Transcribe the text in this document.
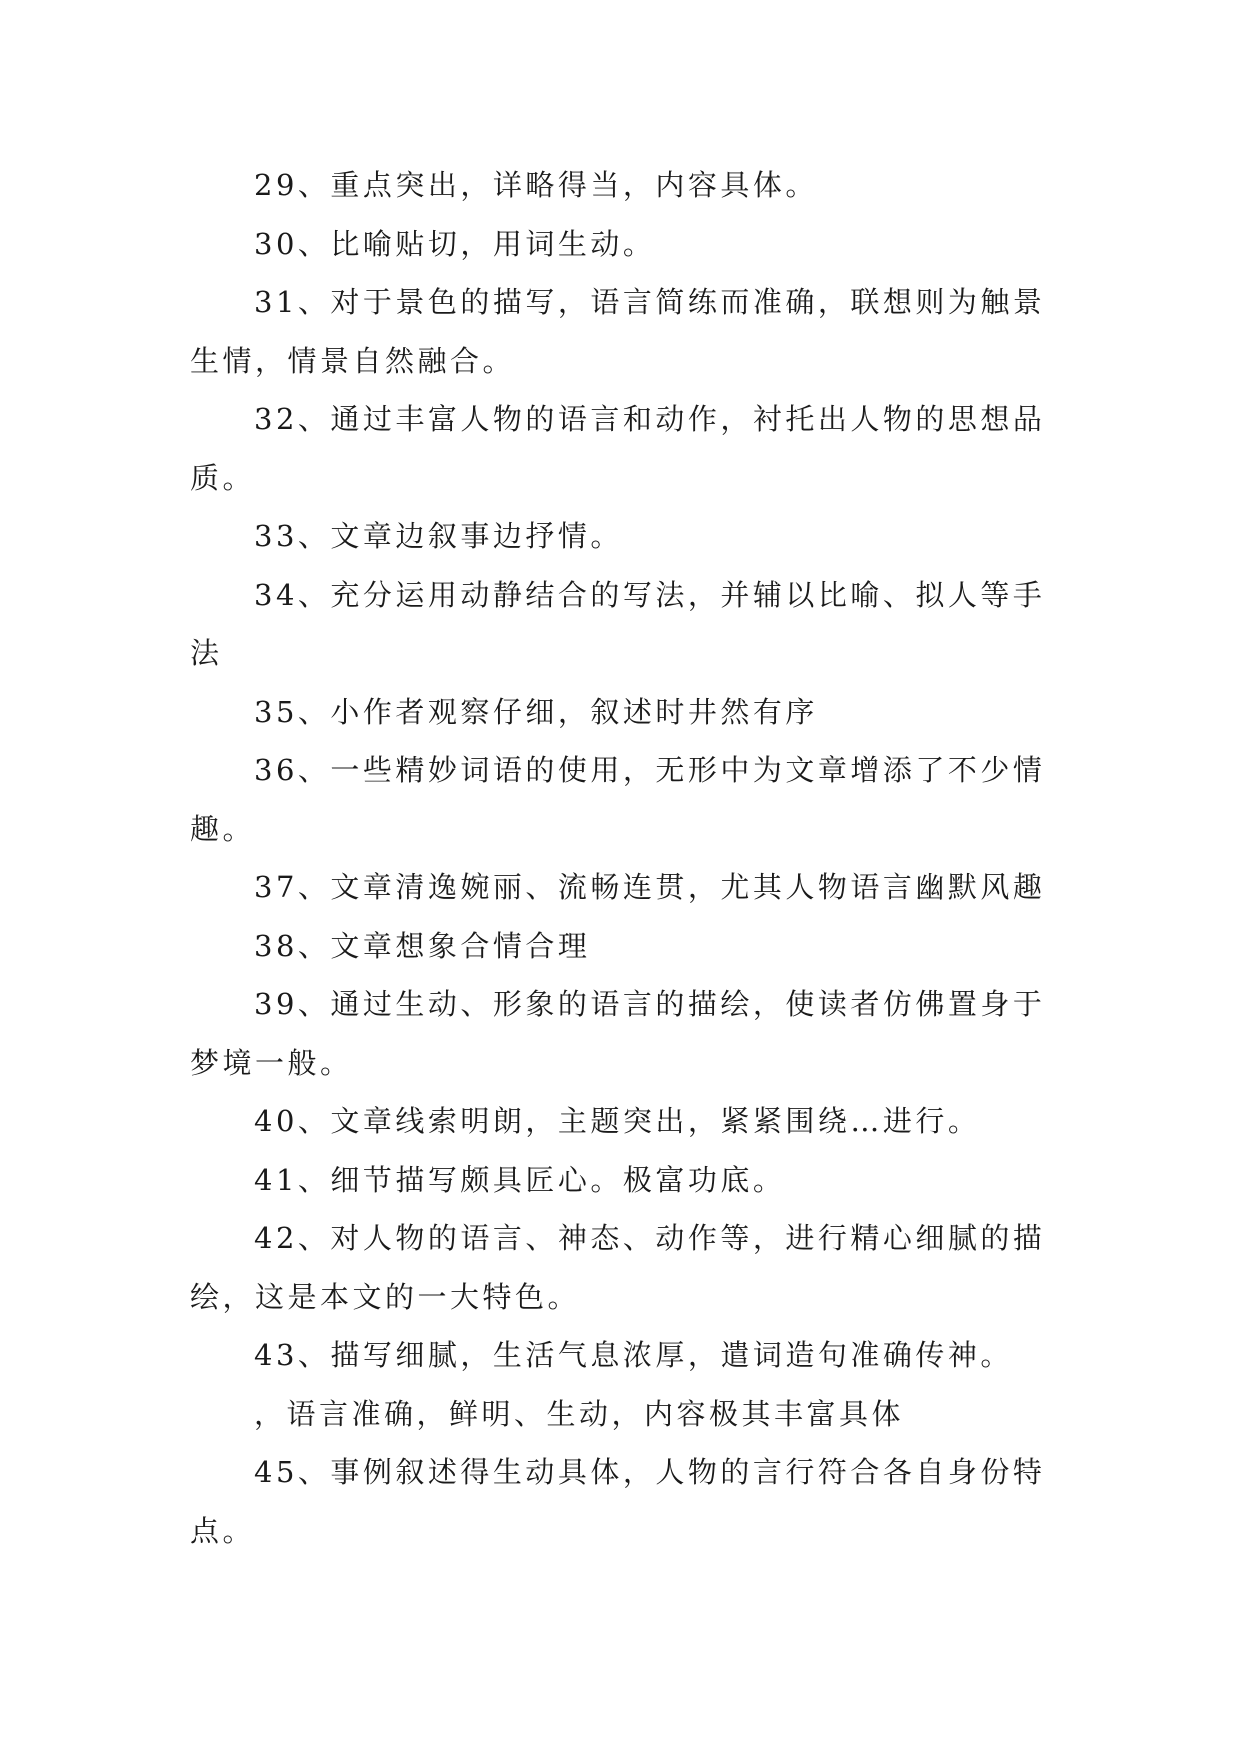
29、重点突出，详略得当，内容具体。

30、比喻贴切，用词生动。

31、对于景色的描写，语言简练而准确，联想则为触景生情，情景自然融合。

32、通过丰富人物的语言和动作，衬托出人物的思想品质。

33、文章边叙事边抒情。

34、充分运用动静结合的写法，并辅以比喻、拟人等手法

35、小作者观察仔细，叙述时井然有序

36、一些精妙词语的使用，无形中为文章增添了不少情趣。

37、文章清逸婉丽、流畅连贯，尤其人物语言幽默风趣

38、文章想象合情合理

39、通过生动、形象的语言的描绘，使读者仿佛置身于梦境一般。

40、文章线索明朗，主题突出，紧紧围绕…进行。

41、细节描写颇具匠心。极富功底。

42、对人物的语言、神态、动作等，进行精心细腻的描绘，这是本文的一大特色。

43、描写细腻，生活气息浓厚，遣词造句准确传神。

，语言准确，鲜明、生动，内容极其丰富具体

45、事例叙述得生动具体，人物的言行符合各自身份特点。
